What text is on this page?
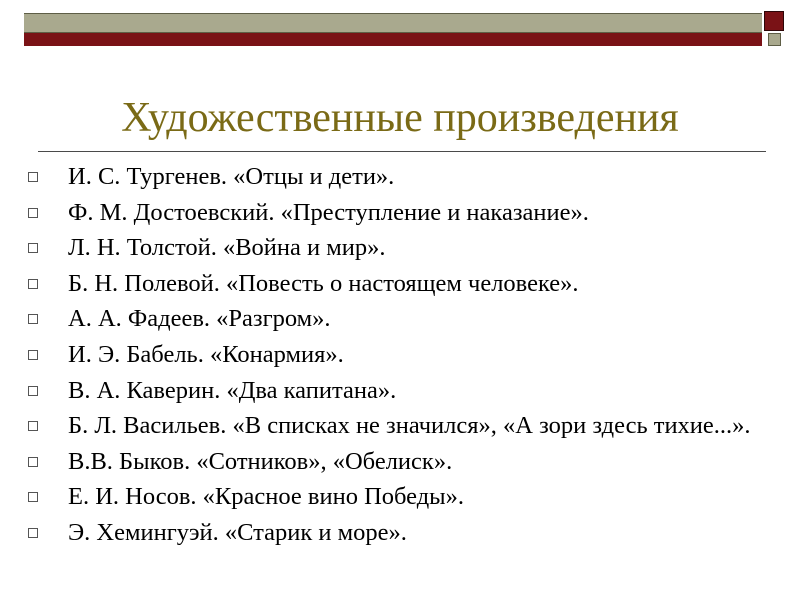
Художественные произведения
И. С. Тургенев. «Отцы и дети».
Ф. М. Достоевский. «Преступление и наказание».
Л. Н. Толстой. «Война и мир».
Б. Н. Полевой. «Повесть о настоящем человеке».
А. А. Фадеев. «Разгром».
И. Э. Бабель. «Конармия».
В. А. Каверин. «Два капитана».
Б. Л. Васильев. «В списках не значился», «А зори здесь тихие...».
В.В. Быков. «Сотников», «Обелиск».
Е. И. Носов. «Красное вино Победы».
Э. Хемингуэй. «Старик и море».
